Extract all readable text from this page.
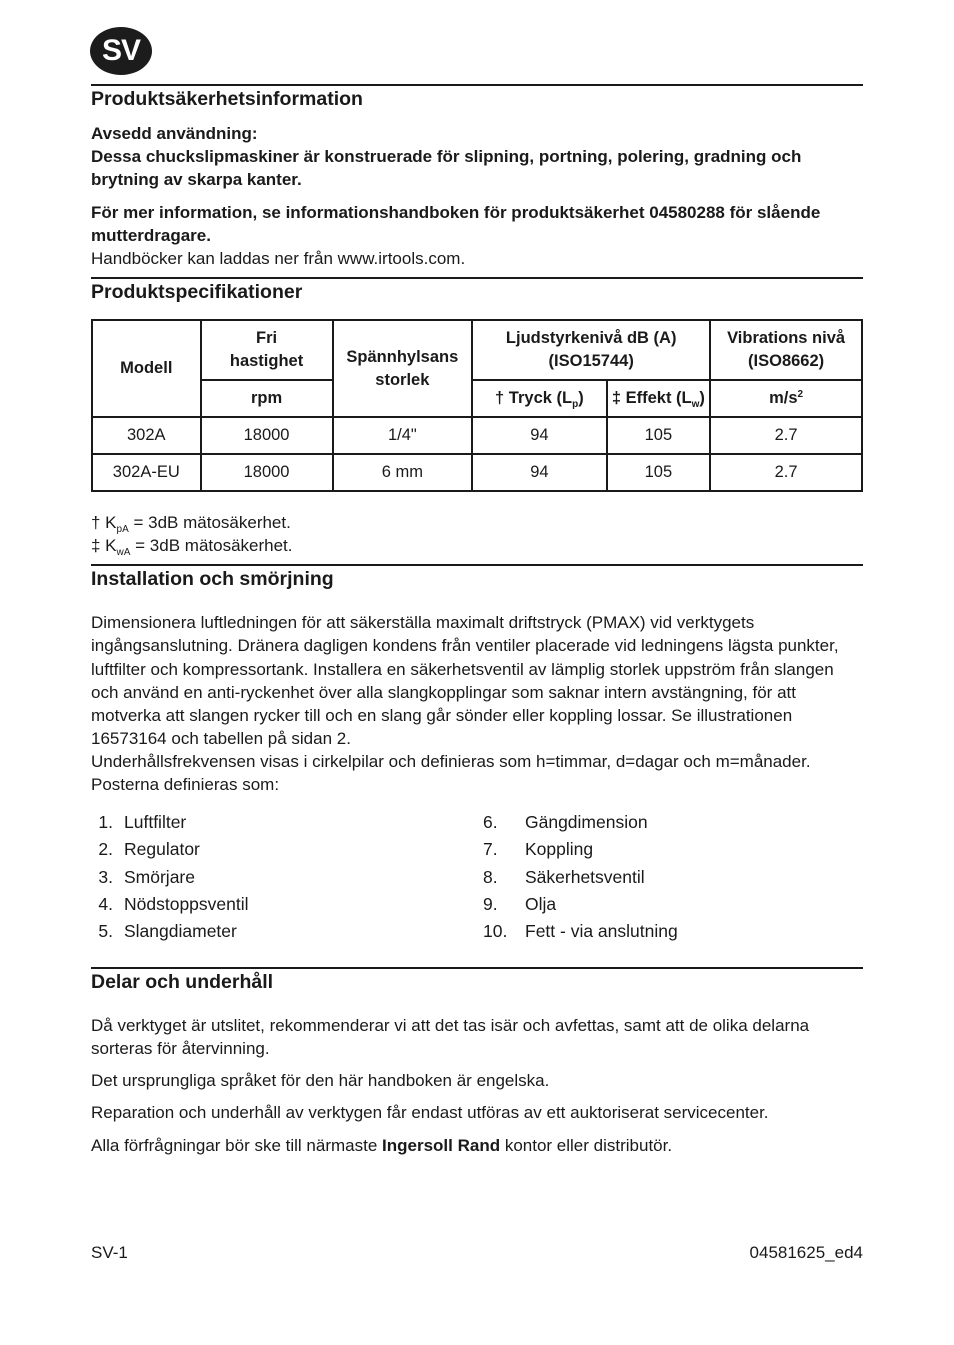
SV
Produktsäkerhetsinformation
Avsedd användning:
Dessa chuckslipmaskiner är konstruerade för slipning, portning, polering, gradning och brytning av skarpa kanter.
För mer information, se informationshandboken för produktsäkerhet 04580288 för slående mutterdragare.
Handböcker kan laddas ner från www.irtools.com.
Produktspecifikationer
Modell	Fri hastighet	Spännhylsans storlek	Ljudstyrkenivå dB (A) (ISO15744)		Vibrations nivå (ISO8662)

	rpm		† Tryck $(L_p)$	‡ Effekt $(L_w)$	$m/s^2$
302A	18000	1/4"	94	105	2.7
302A-EU	18000	6 mm	94	105	2.7
† $K_{pA} = 3dB$ mätosäkerhet.
‡ $K_{wA} = 3dB$ mätosäkerhet.
Installation och smörjning
Dimensionera luftledningen för att säkerställa maximalt driftstryck (PMAX) vid verktygets ingångsanslutning. Dränera dagligen kondens från ventiler placerade vid ledningens lägsta punkter, luftfilter och kompressortank. Installera en säkerhetsventil av lämplig storlek uppström från slangen och använd en anti-ryckenhet över alla slangkopplingar som saknar intern avstängning, för att motverka att slangen rycker till och en slang går sönder eller koppling lossar. Se illustrationen 16573164 och tabellen på sidan 2.
Underhållsfrekvensen visas i cirkelpilar och definieras som h=timmar, d=dagar och m=månader. Posterna definieras som:
1. Luftfilter
2. Regulator
3. Smörjare
4. Nödstoppsventil
5. Slangdiameter
6. Gängdimension
7. Koppling
8. Säkerhetsventil
9. Olja
10. Fett - via anslutning
Delar och underhåll
Då verktyget är utslitet, rekommenderar vi att det tas isär och avfettas, samt att de olika delarna sorteras för återvinning.
Det ursprungliga språket för den här handboken är engelska.
Reparation och underhåll av verktygen får endast utföras av ett auktoriserat servicecenter.
Alla förfrågningar bör ske till närmaste Ingersoll Rand kontor eller distributör.
SV-1	04581625_ed4
